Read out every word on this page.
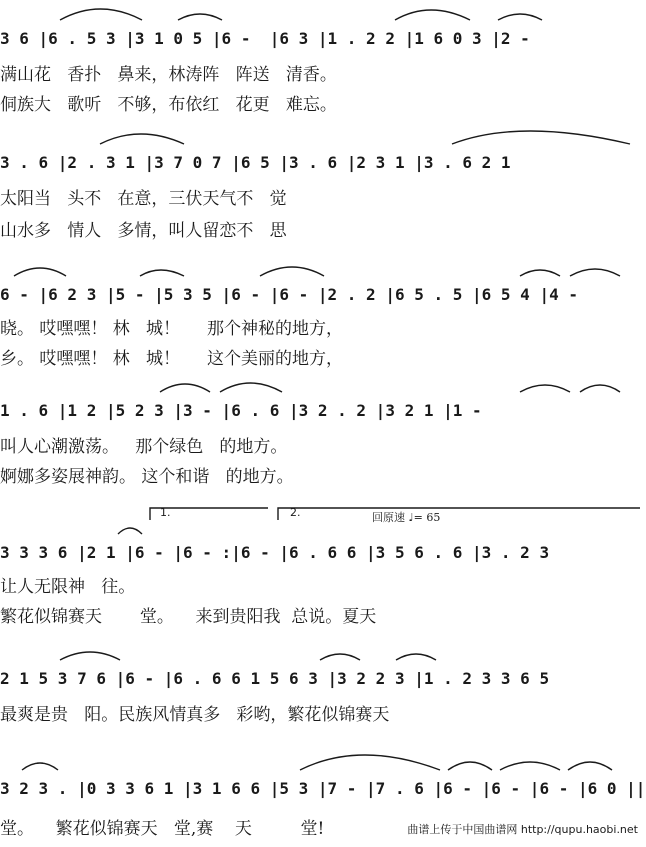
3 6 |6 . 5 3 |3 1 0 5 |6 -  |6 3 |1 . 2 2 |1 6 0 3 |2 -
满山花   香扑   鼻来，林涛阵   阵送   清香。
侗族大   歌听   不够，布依红   花更   难忘。
3 . 6 |2 . 3 1 |3 7 0 7 |6 5 |3 . 6 |2 3 1 |3 . 6 2 1
太阳当   头不   在意，三伏天气不   觉
山水多   情人   多情，叫人留恋不   思
6 - |6 2 3 |5 - |5 3 5 |6 - |6 - |2 . 2 |6 5 . 5 |6 5 4 |4 -
晓。 哎嘿嘿！ 林   城！     那个神秘的地方，
乡。 哎嘿嘿！ 林   城！     这个美丽的地方，
1 . 6 |1 2 |5 2 3 |3 - |6 . 6 |3 2 . 2 |3 2 1 |1 -
叫人心潮激荡。   那个绿色   的地方。
婀娜多姿展神韵。 这个和谐   的地方。
1.	2.	回原速 ♩= 65
3 3 3 6 |2 1 |6 - |6 - :|6 - |6 . 6 6 |3 5 6 . 6 |3 . 2 3
让人无限神   往。
繁花似锦赛天       堂。    来到贵阳我  总说。夏天
2 1 5 3 7 6 |6 - |6 . 6 6 1 5 6 3 |3 2 2 3 |1 . 2 3 3 6 5
最爽是贵   阳。民族风情真多   彩哟，繁花似锦赛天
3 2 3 . |0 3 3 6 1 |3 1 6 6 |5 3 |7 - |7 . 6 |6 - |6 - |6 - |6 0 ||
堂。    繁花似锦赛天   堂,赛    天         堂!	曲谱上传于中国曲谱网 http://qupu.haobi.net
